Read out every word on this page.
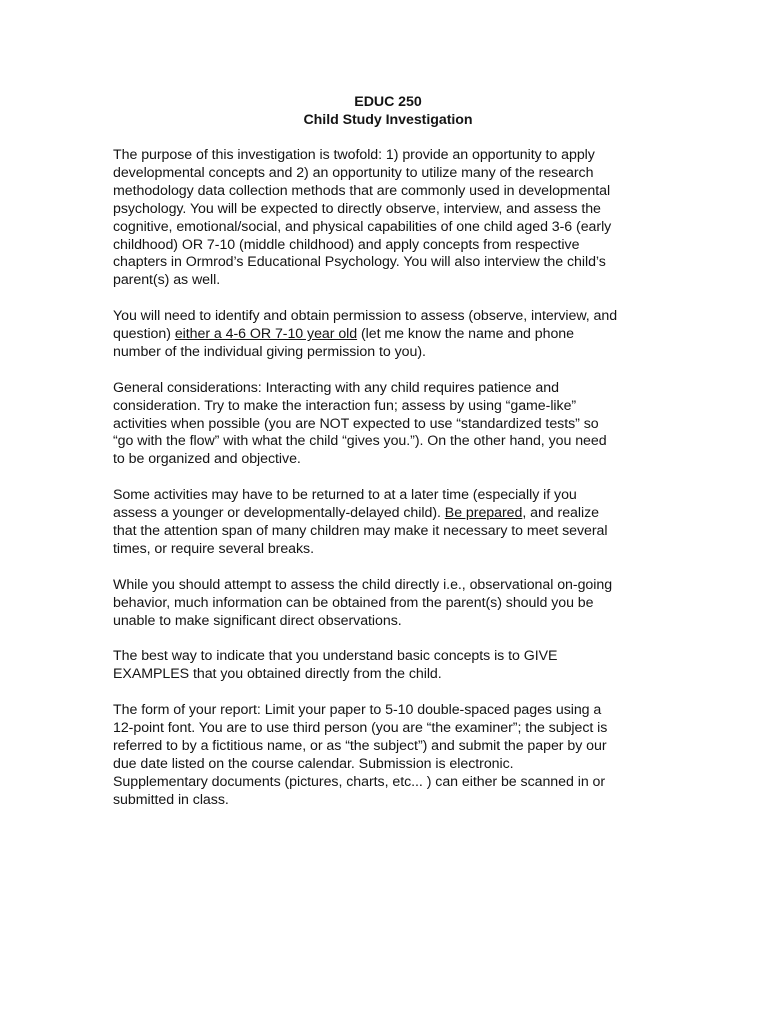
EDUC 250
Child Study Investigation

The purpose of this investigation is twofold: 1) provide an opportunity to apply
developmental concepts and 2) an opportunity to utilize many of the research
methodology data collection methods that are commonly used in developmental
psychology. You will be expected to directly observe, interview, and assess the
cognitive, emotional/social, and physical capabilities of one child aged 3-6 (early
childhood) OR 7-10 (middle childhood) and apply concepts from respective
chapters in Ormrod’s Educational Psychology. You will also interview the child’s
parent(s) as well.

You will need to identify and obtain permission to assess (observe, interview, and
question) either a 4-6 OR 7-10 year old (let me know the name and phone
number of the individual giving permission to you).

General considerations: Interacting with any child requires patience and
consideration. Try to make the interaction fun; assess by using “game-like”
activities when possible (you are NOT expected to use “standardized tests” so
“go with the flow” with what the child “gives you.”). On the other hand, you need
to be organized and objective.

Some activities may have to be returned to at a later time (especially if you
assess a younger or developmentally-delayed child). Be prepared, and realize
that the attention span of many children may make it necessary to meet several
times, or require several breaks.

While you should attempt to assess the child directly i.e., observational on-going
behavior, much information can be obtained from the parent(s) should you be
unable to make significant direct observations.

The best way to indicate that you understand basic concepts is to GIVE
EXAMPLES that you obtained directly from the child.

The form of your report: Limit your paper to 5-10 double-spaced pages using a
12-point font. You are to use third person (you are “the examiner”; the subject is
referred to by a fictitious name, or as “the subject”) and submit the paper by our
due date listed on the course calendar. Submission is electronic.
Supplementary documents (pictures, charts, etc... ) can either be scanned in or
submitted in class.
